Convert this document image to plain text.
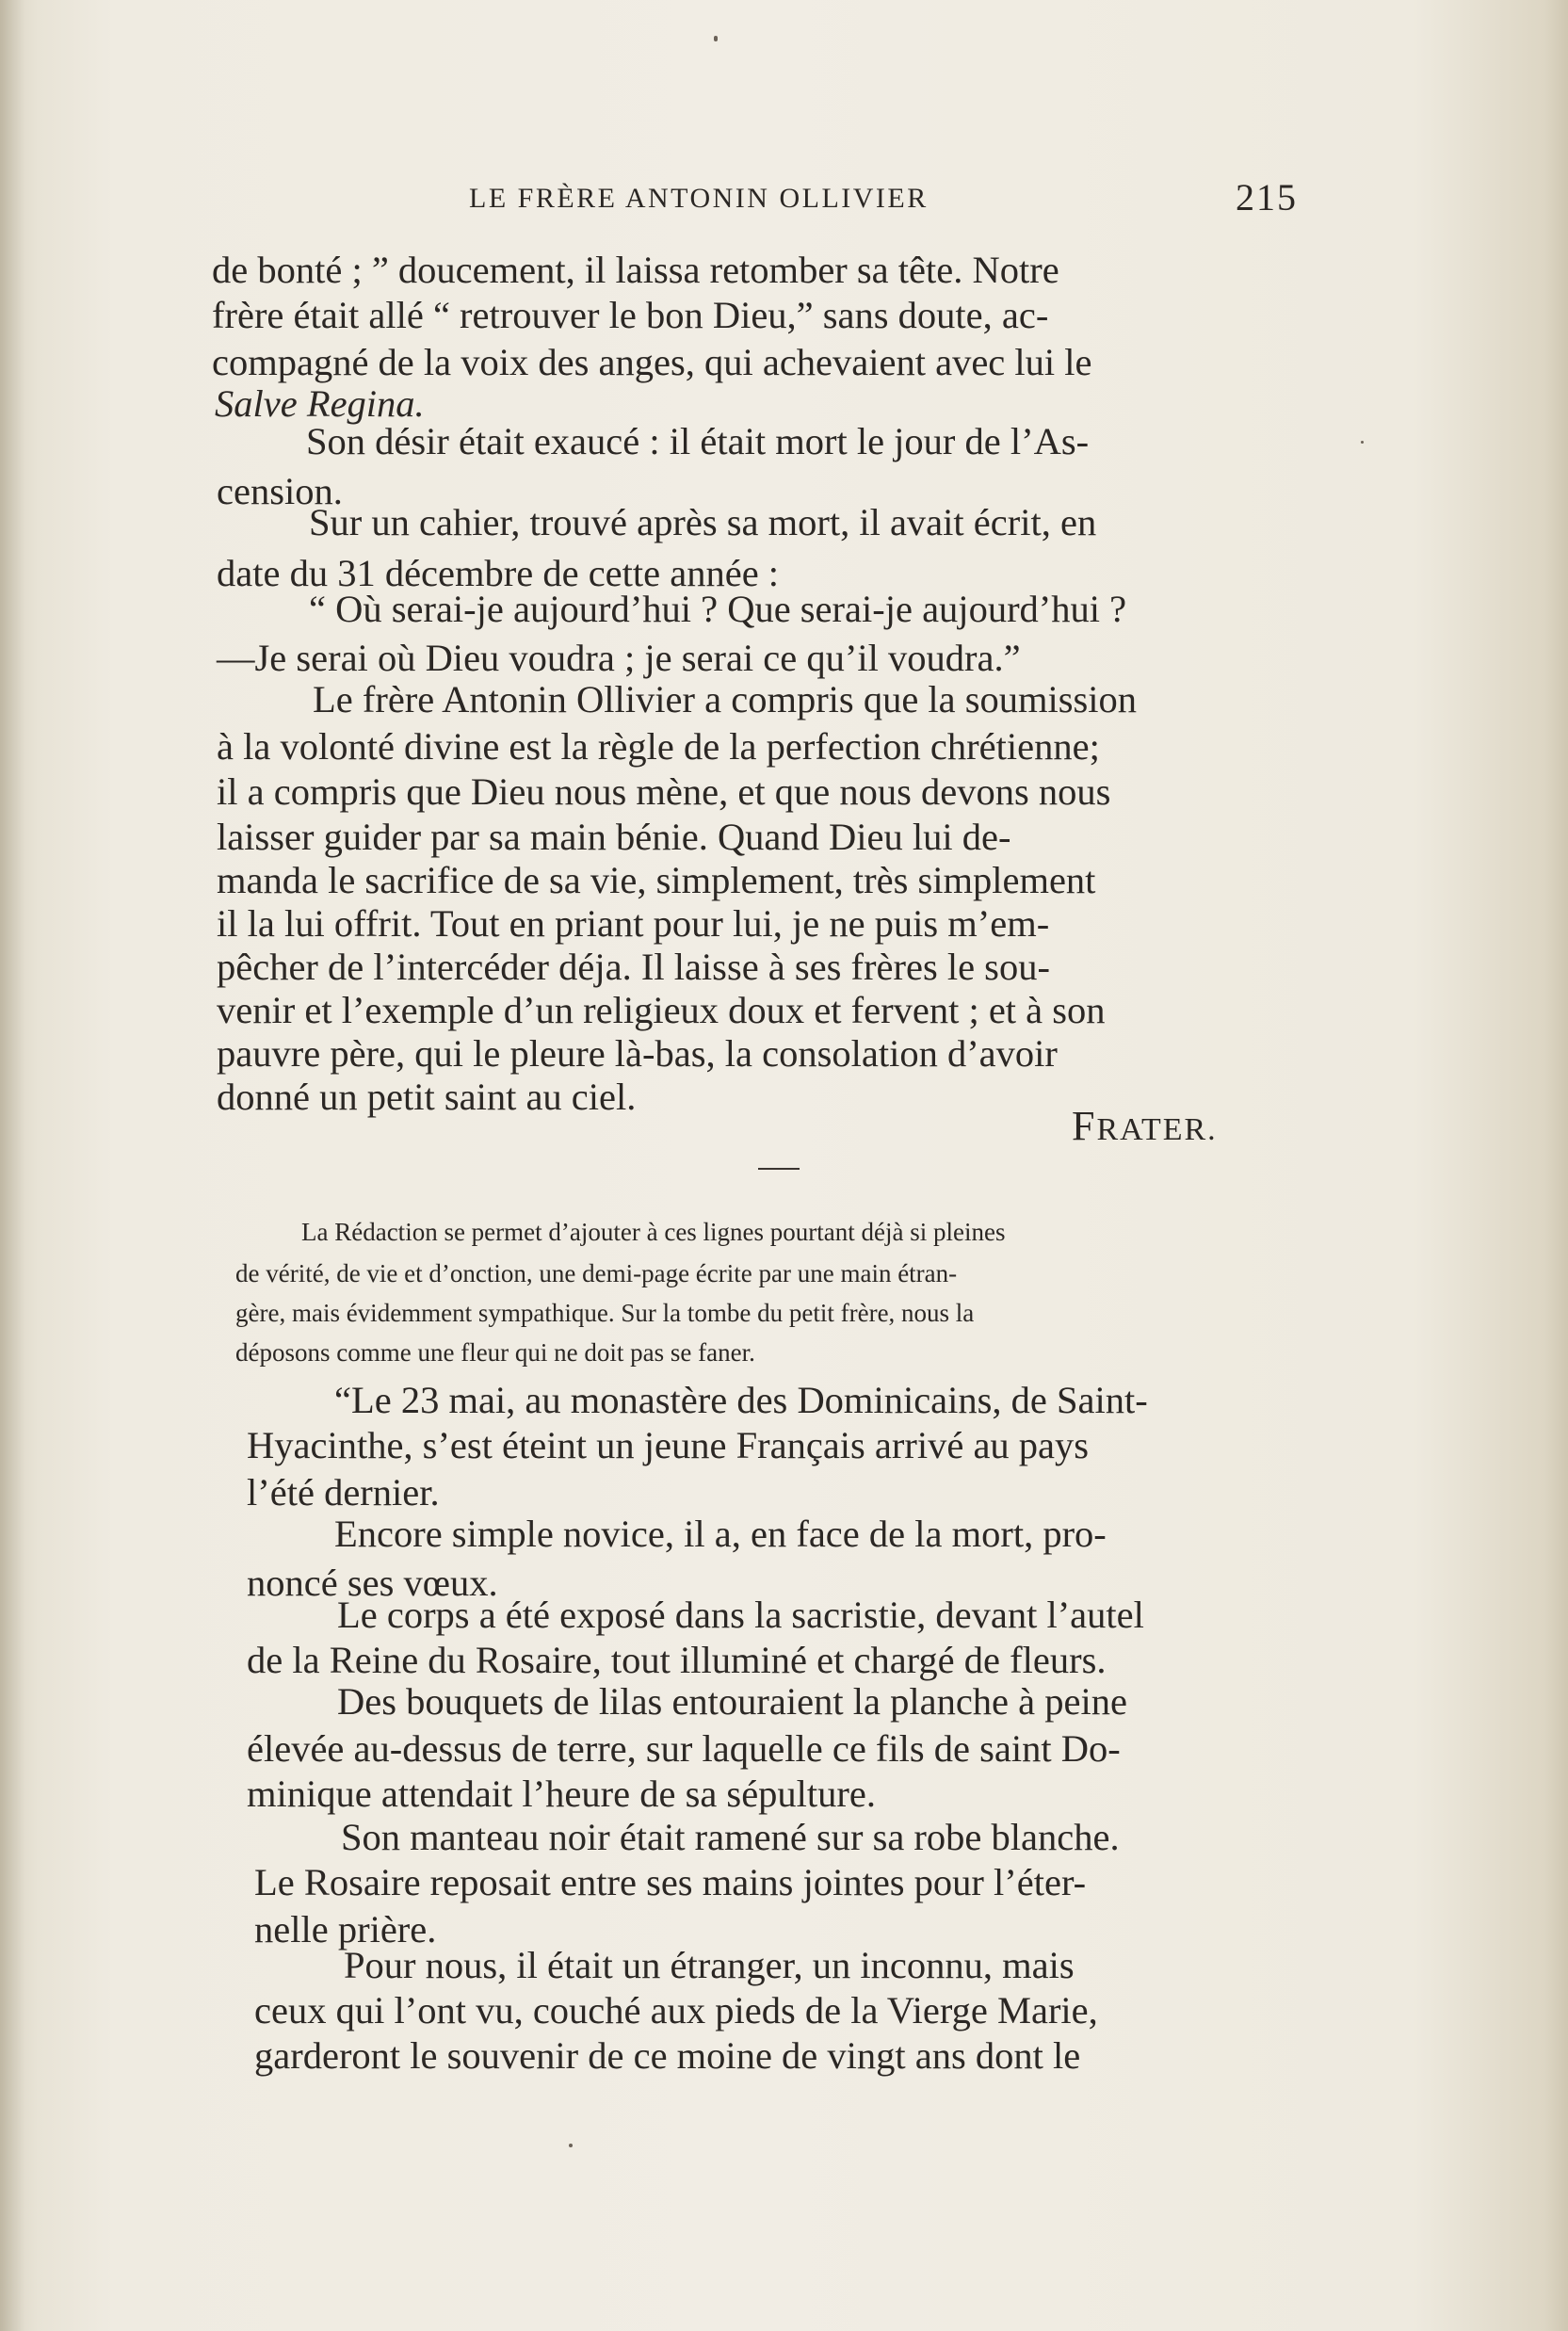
LE FRÈRE ANTONIN OLLIVIER	215
de bonté ; ” doucement, il laissa retomber sa tête. Notre
frère était allé “ retrouver le bon Dieu,” sans doute, ac-
compagné de la voix des anges, qui achevaient avec lui le
Salve Regina.
Son désir était exaucé : il était mort le jour de l’As-
cension.
Sur un cahier, trouvé après sa mort, il avait écrit, en
date du 31 décembre de cette année :
“ Où serai-je aujourd’hui ? Que serai-je aujourd’hui ?
—Je serai où Dieu voudra ; je serai ce qu’il voudra.”
Le frère Antonin Ollivier a compris que la soumission
à la volonté divine est la règle de la perfection chrétienne;
il a compris que Dieu nous mène, et que nous devons nous
laisser guider par sa main bénie. Quand Dieu lui de-
manda le sacrifice de sa vie, simplement, très simplement
il la lui offrit. Tout en priant pour lui, je ne puis m’em-
pêcher de l’intercéder déja. Il laisse à ses frères le sou-
venir et l’exemple d’un religieux doux et fervent ; et à son
pauvre père, qui le pleure là-bas, la consolation d’avoir
donné un petit saint au ciel.
FRATER.
La Rédaction se permet d’ajouter à ces lignes pourtant déjà si pleines
de vérité, de vie et d’onction, une demi-page écrite par une main étran-
gère, mais évidemment sympathique. Sur la tombe du petit frère, nous la
déposons comme une fleur qui ne doit pas se faner.
“Le 23 mai, au monastère des Dominicains, de Saint-
Hyacinthe, s’est éteint un jeune Français arrivé au pays
l’été dernier.
Encore simple novice, il a, en face de la mort, pro-
noncé ses vœux.
Le corps a été exposé dans la sacristie, devant l’autel
de la Reine du Rosaire, tout illuminé et chargé de fleurs.
Des bouquets de lilas entouraient la planche à peine
élevée au-dessus de terre, sur laquelle ce fils de saint Do-
minique attendait l’heure de sa sépulture.
Son manteau noir était ramené sur sa robe blanche.
Le Rosaire reposait entre ses mains jointes pour l’éter-
nelle prière.
Pour nous, il était un étranger, un inconnu, mais
ceux qui l’ont vu, couché aux pieds de la Vierge Marie,
garderont le souvenir de ce moine de vingt ans dont le
